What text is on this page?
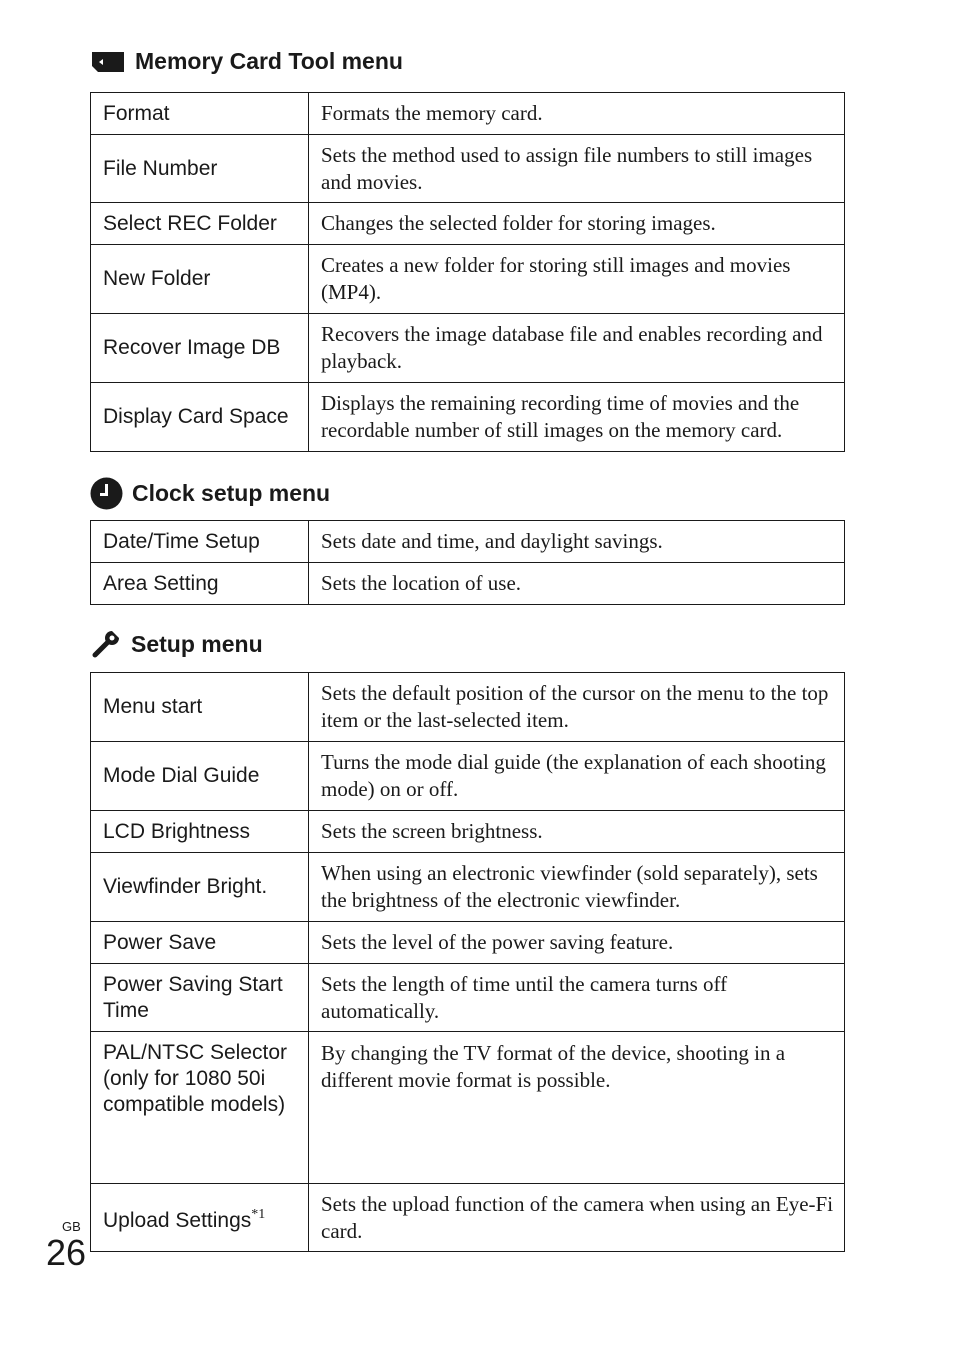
Memory Card Tool menu
Format	Formats the memory card.
File Number	Sets the method used to assign file numbers to still images and movies.
Select REC Folder	Changes the selected folder for storing images.
New Folder	Creates a new folder for storing still images and movies (MP4).
Recover Image DB	Recovers the image database file and enables recording and playback.
Display Card Space	Displays the remaining recording time of movies and the recordable number of still images on the memory card.
Clock setup menu
Date/Time Setup	Sets date and time, and daylight savings.
Area Setting	Sets the location of use.
Setup menu
Menu start	Sets the default position of the cursor on the menu to the top item or the last-selected item.
Mode Dial Guide	Turns the mode dial guide (the explanation of each shooting mode) on or off.
LCD Brightness	Sets the screen brightness.
Viewfinder Bright.	When using an electronic viewfinder (sold separately), sets the brightness of the electronic viewfinder.
Power Save	Sets the level of the power saving feature.
Power Saving Start Time	Sets the length of time until the camera turns off automatically.
PAL/NTSC Selector (only for 1080 50i compatible models)	By changing the TV format of the device, shooting in a different movie format is possible.
Upload Settings$^{*1}$	Sets the upload function of the camera when using an Eye-Fi card.
GB
26
